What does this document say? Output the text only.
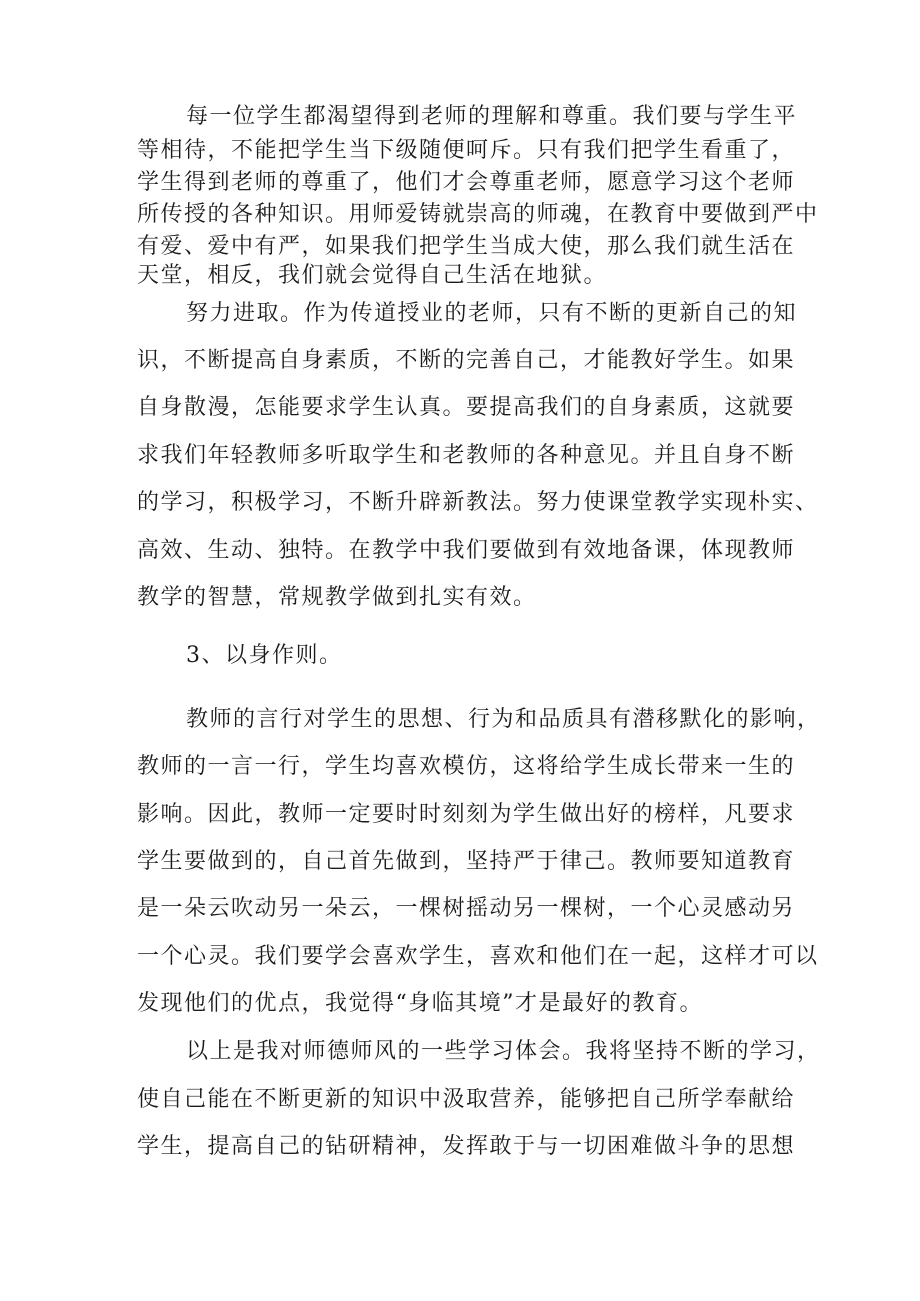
每一位学生都渴望得到老师的理解和尊重。我们要与学生平
等相待，不能把学生当下级随便呵斥。只有我们把学生看重了，
学生得到老师的尊重了，他们才会尊重老师，愿意学习这个老师
所传授的各种知识。用师爱铸就崇高的师魂，在教育中要做到严中
有爱、爱中有严，如果我们把学生当成大使，那么我们就生活在
天堂，相反，我们就会觉得自己生活在地狱。
努力进取。作为传道授业的老师，只有不断的更新自己的知
识，不断提高自身素质，不断的完善自己，才能教好学生。如果
自身散漫，怎能要求学生认真。要提高我们的自身素质，这就要
求我们年轻教师多听取学生和老教师的各种意见。并且自身不断
的学习，积极学习，不断升辟新教法。努力使课堂教学实现朴实、
高效、生动、独特。在教学中我们要做到有效地备课，体现教师
教学的智慧，常规教学做到扎实有效。
3、以身作则。
教师的言行对学生的思想、行为和品质具有潜移默化的影响，
教师的一言一行，学生均喜欢模仿，这将给学生成长带来一生的
影响。因此，教师一定要时时刻刻为学生做出好的榜样，凡要求
学生要做到的，自己首先做到，坚持严于律己。教师要知道教育
是一朵云吹动另一朵云，一棵树摇动另一棵树，一个心灵感动另
一个心灵。我们要学会喜欢学生，喜欢和他们在一起，这样才可以
发现他们的优点，我觉得“身临其境”才是最好的教育。
以上是我对师德师风的一些学习体会。我将坚持不断的学习，
使自己能在不断更新的知识中汲取营养，能够把自己所学奉献给
学生，提高自己的钻研精神，发挥敢于与一切困难做斗争的思想
